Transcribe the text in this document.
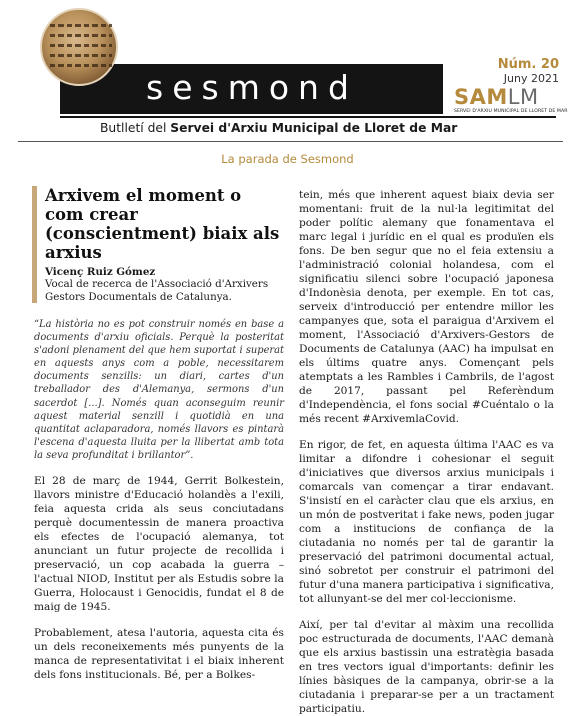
sesmond
Núm. 20
Juny 2021
SAMLM
SERVEI D'ARXIU MUNICIPAL DE LLORET DE MAR
Butlletí del Servei d'Arxiu Municipal de Lloret de Mar
La parada de Sesmond
Arxivem el moment o com crear (conscientment) biaix als arxius
Vicenç Ruiz Gómez
Vocal de recerca de l'Associació d'Arxivers Gestors Documentals de Catalunya.

“La història no es pot construir només en base a documents d'arxiu oficials. Perquè la posteritat s'adoni plenament del que hem suportat i superat en aquests anys com a poble, necessitarem documents senzills: un diari, cartes d'un treballador des d'Alemanya, sermons d'un sacerdot [...]. Només quan aconseguim reunir aquest material senzill i quotidià en una quantitat aclaparadora, només llavors es pintarà l'escena d'aquesta lluita per la llibertat amb tota la seva profunditat i brillantor”.

El 28 de març de 1944, Gerrit Bolkestein, llavors ministre d'Educació holandès a l'exili, feia aquesta crida als seus conciutadans perquè documentessin de manera proactiva els efectes de l'ocupació alemanya, tot anunciant un futur projecte de recollida i preservació, un cop acabada la guerra –l'actual NIOD, Institut per als Estudis sobre la Guerra, Holocaust i Genocidis, fundat el 8 de maig de 1945.

Probablement, atesa l'autoria, aquesta cita és un dels reconeixements més punyents de la manca de representativitat i el biaix inherent dels fons institucionals. Bé, per a Bolkes-

tein, més que inherent aquest biaix devia ser momentani: fruit de la nul·la legitimitat del poder polític alemany que fonamentava el marc legal i jurídic en el qual es produïen els fons. De ben segur que no el feia extensiu a l'administració colonial holandesa, com el significatiu silenci sobre l'ocupació japonesa d'Indonèsia denota, per exemple. En tot cas, serveix d'introducció per entendre millor les campanyes que, sota el paraigua d'Arxivem el moment, l'Associació d'Arxivers-Gestors de Documents de Catalunya (AAC) ha impulsat en els últims quatre anys. Començant pels atemptats a les Rambles i Cambrils, de l'agost de 2017, passant pel Referèndum d'Independència, el fons social #Cuéntalo o la més recent #ArxivemlaCovid.

En rigor, de fet, en aquesta última l'AAC es va limitar a difondre i cohesionar el seguit d'iniciatives que diversos arxius municipals i comarcals van començar a tirar endavant. S'insistí en el caràcter clau que els arxius, en un món de postveritat i fake news, poden jugar com a institucions de confiança de la ciutadania no només per tal de garantir la preservació del patrimoni documental actual, sinó sobretot per construir el patrimoni del futur d'una manera participativa i significativa, tot allunyant-se del mer col·leccionisme.

Així, per tal d'evitar al màxim una recollida poc estructurada de documents, l'AAC demanà que els arxius bastissin una estratègia basada en tres vectors igual d'importants: definir les línies bàsiques de la campanya, obrir-se a la ciutadania i preparar-se per a un tractament participatiu.
